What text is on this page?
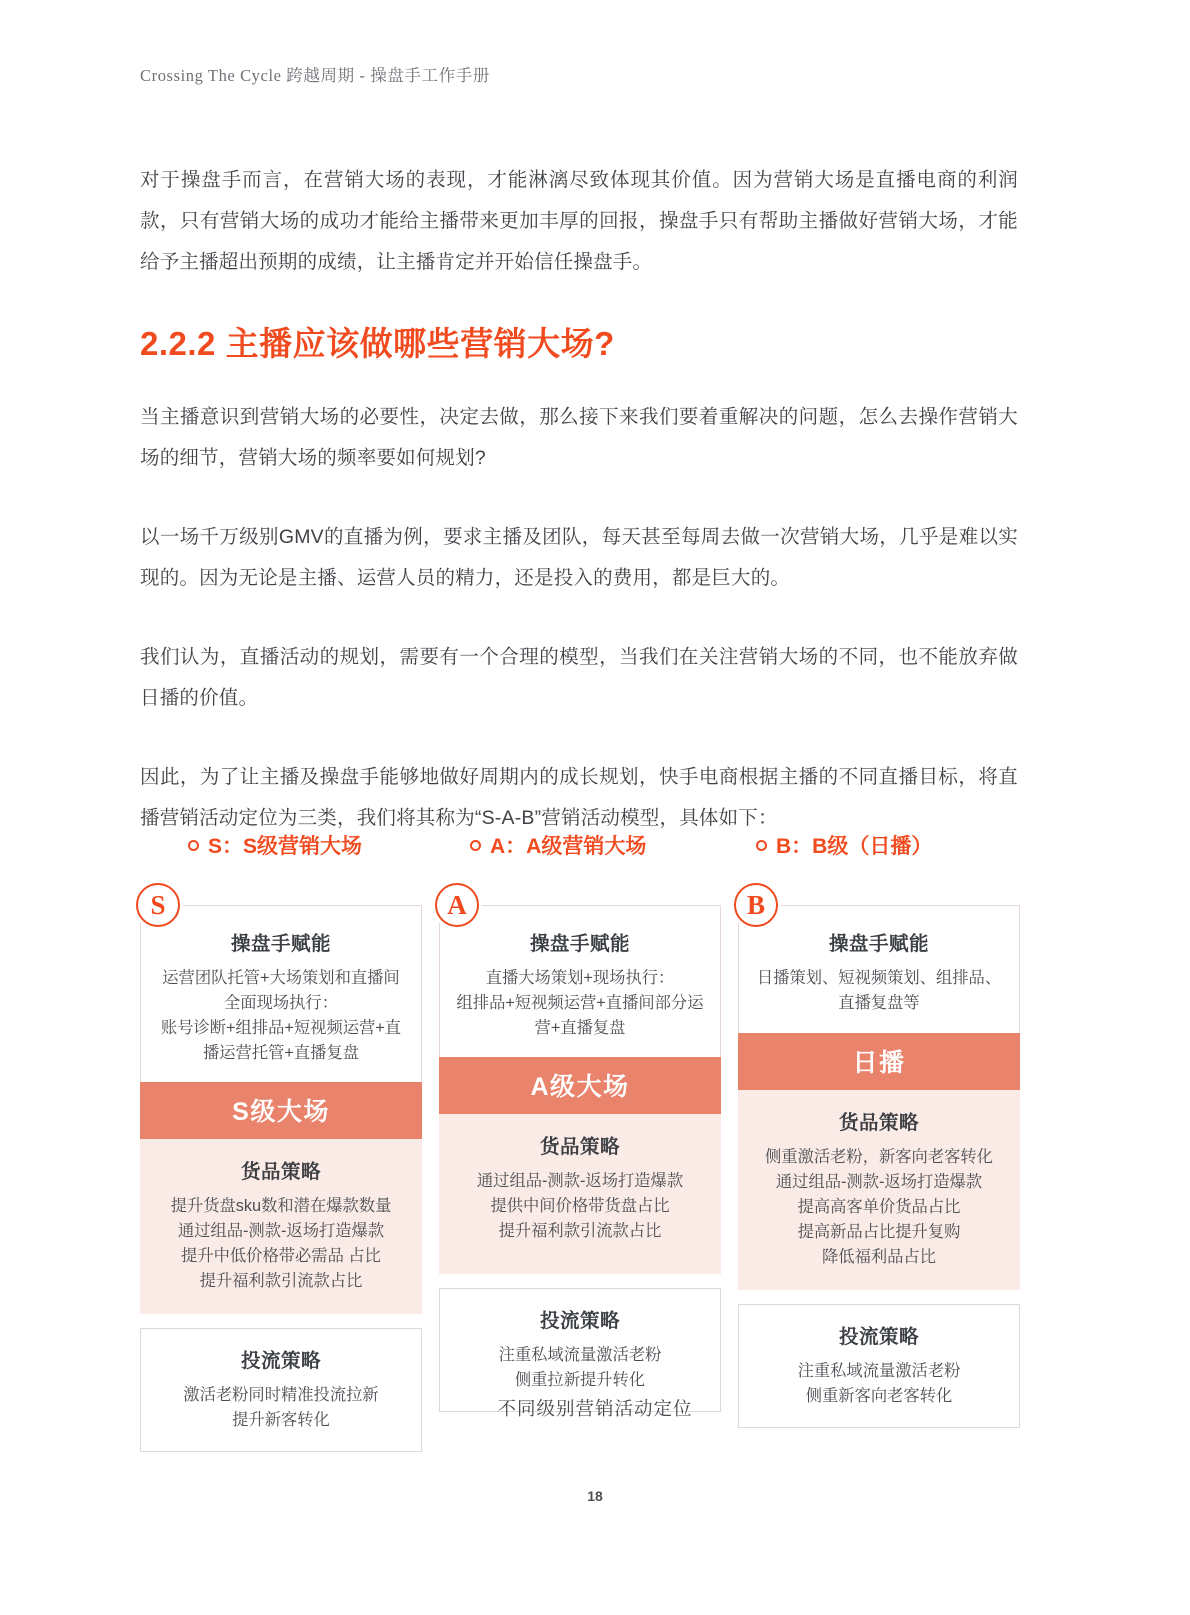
Crossing The Cycle 跨越周期 - 操盘手工作手册

对于操盘手而言，在营销大场的表现，才能淋漓尽致体现其价值。因为营销大场是直播电商的利润款，只有营销大场的成功才能给主播带来更加丰厚的回报，操盘手只有帮助主播做好营销大场，才能给予主播超出预期的成绩，让主播肯定并开始信任操盘手。

2.2.2 主播应该做哪些营销大场?

当主播意识到营销大场的必要性，决定去做，那么接下来我们要着重解决的问题，怎么去操作营销大场的细节，营销大场的频率要如何规划?

以一场千万级别GMV的直播为例，要求主播及团队，每天甚至每周去做一次营销大场，几乎是难以实现的。因为无论是主播、运营人员的精力，还是投入的费用，都是巨大的。

我们认为，直播活动的规划，需要有一个合理的模型，当我们在关注营销大场的不同，也不能放弃做日播的价值。

因此，为了让主播及操盘手能够地做好周期内的成长规划，快手电商根据主播的不同直播目标，将直播营销活动定位为三类，我们将其称为“S-A-B”营销活动模型，具体如下：

S：S级营销大场	A：A级营销大场	B：B级（日播）
S
操盘手赋能
运营团队托管+大场策划和直播间全面现场执行：
账号诊断+组排品+短视频运营+直播运营托管+直播复盘
S级大场
货品策略
提升货盘sku数和潜在爆款数量
通过组品-测款-返场打造爆款
提升中低价格带必需品 占比
提升福利款引流款占比
投流策略
激活老粉同时精准投流拉新
提升新客转化
A
操盘手赋能
直播大场策划+现场执行：
组排品+短视频运营+直播间部分运营+直播复盘
A级大场
货品策略
通过组品-测款-返场打造爆款
提供中间价格带货盘占比
提升福利款引流款占比
投流策略
注重私域流量激活老粉
侧重拉新提升转化
B
操盘手赋能
日播策划、短视频策划、组排品、直播复盘等
日播
货品策略
侧重激活老粉，新客向老客转化
通过组品-测款-返场打造爆款
提高高客单价货品占比
提高新品占比提升复购
降低福利品占比
投流策略
注重私域流量激活老粉
侧重新客向老客转化
不同级别营销活动定位
18
